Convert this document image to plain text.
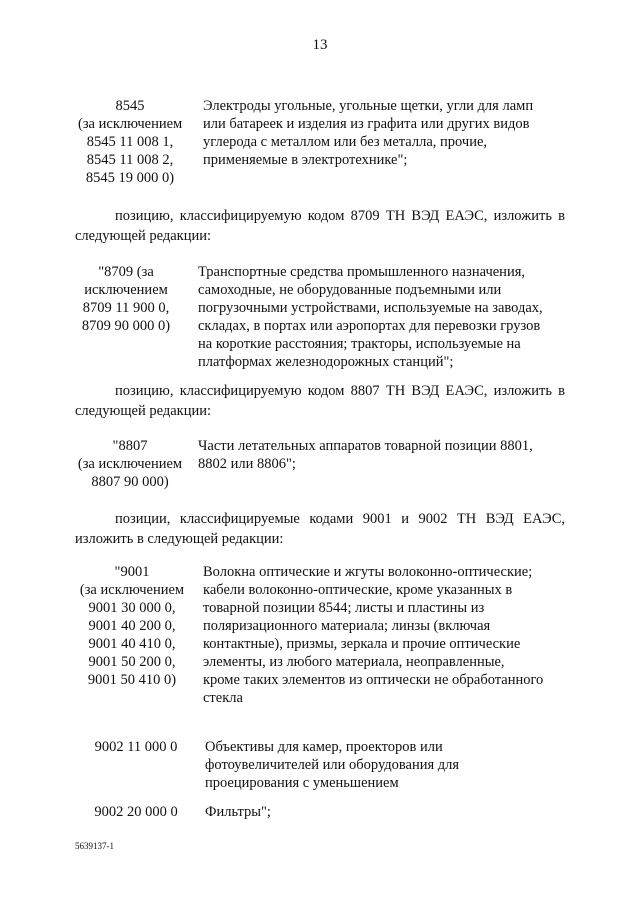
13
8545
(за исключением
8545 11 008 1,
8545 11 008 2,
8545 19 000 0)
Электроды угольные, угольные щетки, угли для ламп
или батареек и изделия из графита или других видов
углерода с металлом или без металла, прочие,
применяемые в электротехнике";
позицию, классифицируемую кодом 8709 ТН ВЭД ЕАЭС, изложить в
следующей редакции:
"8709 (за
исключением
8709 11 900 0,
8709 90 000 0)
Транспортные средства промышленного назначения,
самоходные, не оборудованные подъемными или
погрузочными устройствами, используемые на заводах,
складах, в портах или аэропортах для перевозки грузов
на короткие расстояния; тракторы, используемые на
платформах железнодорожных станций";
позицию, классифицируемую кодом 8807 ТН ВЭД ЕАЭС, изложить в
следующей редакции:
"8807
(за исключением
8807 90 000)
Части летательных аппаратов товарной позиции 8801,
8802 или 8806";
позиции, классифицируемые кодами 9001 и 9002 ТН ВЭД ЕАЭС,
изложить в следующей редакции:
"9001
(за исключением
9001 30 000 0,
9001 40 200 0,
9001 40 410 0,
9001 50 200 0,
9001 50 410 0)
Волокна оптические и жгуты волоконно-оптические;
кабели волоконно-оптические, кроме указанных в
товарной позиции 8544; листы и пластины из
поляризационного материала; линзы (включая
контактные), призмы, зеркала и прочие оптические
элементы, из любого материала, неоправленные,
кроме таких элементов из оптически не обработанного
стекла
9002 11 000 0	Объективы для камер, проекторов или
фотоувеличителей или оборудования для
проецирования с уменьшением
9002 20 000 0	Фильтры";
5639137-1
